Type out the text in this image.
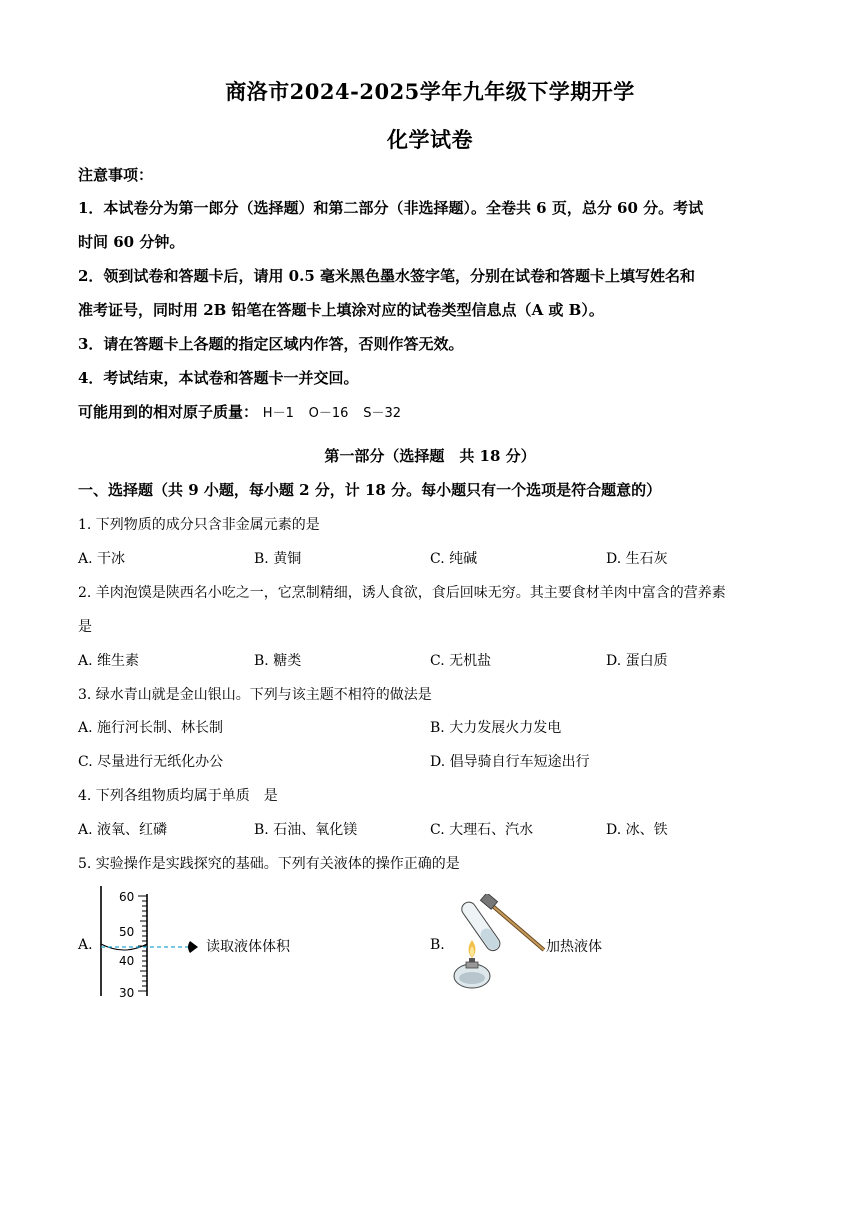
商洛市2024-2025学年九年级下学期开学
化学试卷
注意事项：
1．本试卷分为第一郎分（选择题）和第二部分（非选择题）。全卷共 6 页，总分 60 分。考试
时间 60 分钟。
2．领到试卷和答题卡后，请用 0.5 毫米黑色墨水签字笔，分别在试卷和答题卡上填写姓名和
准考证号，同时用 2B 铅笔在答题卡上填涂对应的试卷类型信息点（A 或 B）。
3．请在答题卡上各题的指定区域内作答，否则作答无效。
4．考试结束，本试卷和答题卡一并交回。
可能用到的相对原子质量： H－1 O－16 S－32
第一部分（选择题　共 18 分）
一、选择题（共 9 小题，每小题 2 分，计 18 分。每小题只有一个选项是符合题意的）
1. 下列物质的成分只含非金属元素的是
A. 干冰	B. 黄铜	C. 纯碱	D. 生石灰
2. 羊肉泡馍是陕西名小吃之一，它烹制精细，诱人食欲，食后回味无穷。其主要食材羊肉中富含的营养素
是
A. 维生素	B. 糖类	C. 无机盐	D. 蛋白质
3. 绿水青山就是金山银山。下列与该主题不相符的做法是
A. 施行河长制、林长制	B. 大力发展火力发电
C. 尽量进行无纸化办公	D. 倡导骑自行车短途出行
4. 下列各组物质均属于单质　是
A. 液氧、红磷	B. 石油、氧化镁	C. 大理石、汽水	D. 冰、铁
5. 实验操作是实践探究的基础。下列有关液体的操作正确的是
A.
60
50
40
30
读取液体体积	B.	加热液体
